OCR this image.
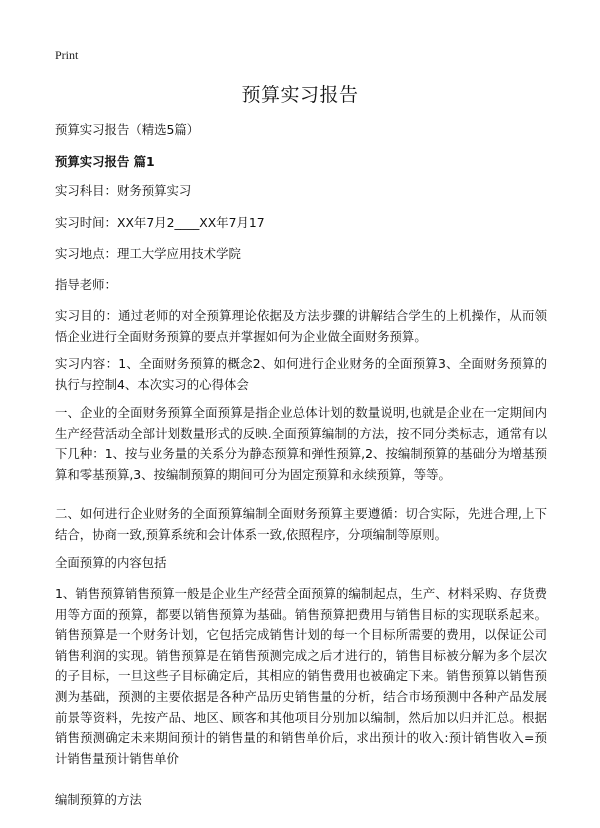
Print
预算实习报告
预算实习报告（精选5篇）
预算实习报告 篇1
实习科目：财务预算实习
实习时间：XX年7月2____XX年7月17
实习地点：理工大学应用技术学院
指导老师：
实习目的：通过老师的对全预算理论依据及方法步骤的讲解结合学生的上机操作，从而领悟企业进行全面财务预算的要点并掌握如何为企业做全面财务预算。
实习内容：1、全面财务预算的概念2、如何进行企业财务的全面预算3、全面财务预算的执行与控制4、本次实习的心得体会
一、企业的全面财务预算全面预算是指企业总体计划的数量说明,也就是企业在一定期间内生产经营活动全部计划数量形式的反映.全面预算编制的方法，按不同分类标志，通常有以下几种：1、按与业务量的关系分为静态预算和弹性预算,2、按编制预算的基础分为增基预算和零基预算,3、按编制预算的期间可分为固定预算和永续预算，等等。
二、如何进行企业财务的全面预算编制全面财务预算主要遵循：切合实际，先进合理,上下结合，协商一致,预算系统和会计体系一致,依照程序，分项编制等原则。
全面预算的内容包括
1、销售预算销售预算一般是企业生产经营全面预算的编制起点，生产、材料采购、存货费用等方面的预算，都要以销售预算为基础。销售预算把费用与销售目标的实现联系起来。销售预算是一个财务计划，它包括完成销售计划的每一个目标所需要的费用，以保证公司销售利润的实现。销售预算是在销售预测完成之后才进行的，销售目标被分解为多个层次的子目标，一旦这些子目标确定后，其相应的销售费用也被确定下来。销售预算以销售预测为基础，预测的主要依据是各种产品历史销售量的分析，结合市场预测中各种产品发展前景等资料，先按产品、地区、顾客和其他项目分别加以编制，然后加以归并汇总。根据销售预测确定未来期间预计的销售量的和销售单价后，求出预计的收入:预计销售收入=预计销售量预计销售单价
编制预算的方法
